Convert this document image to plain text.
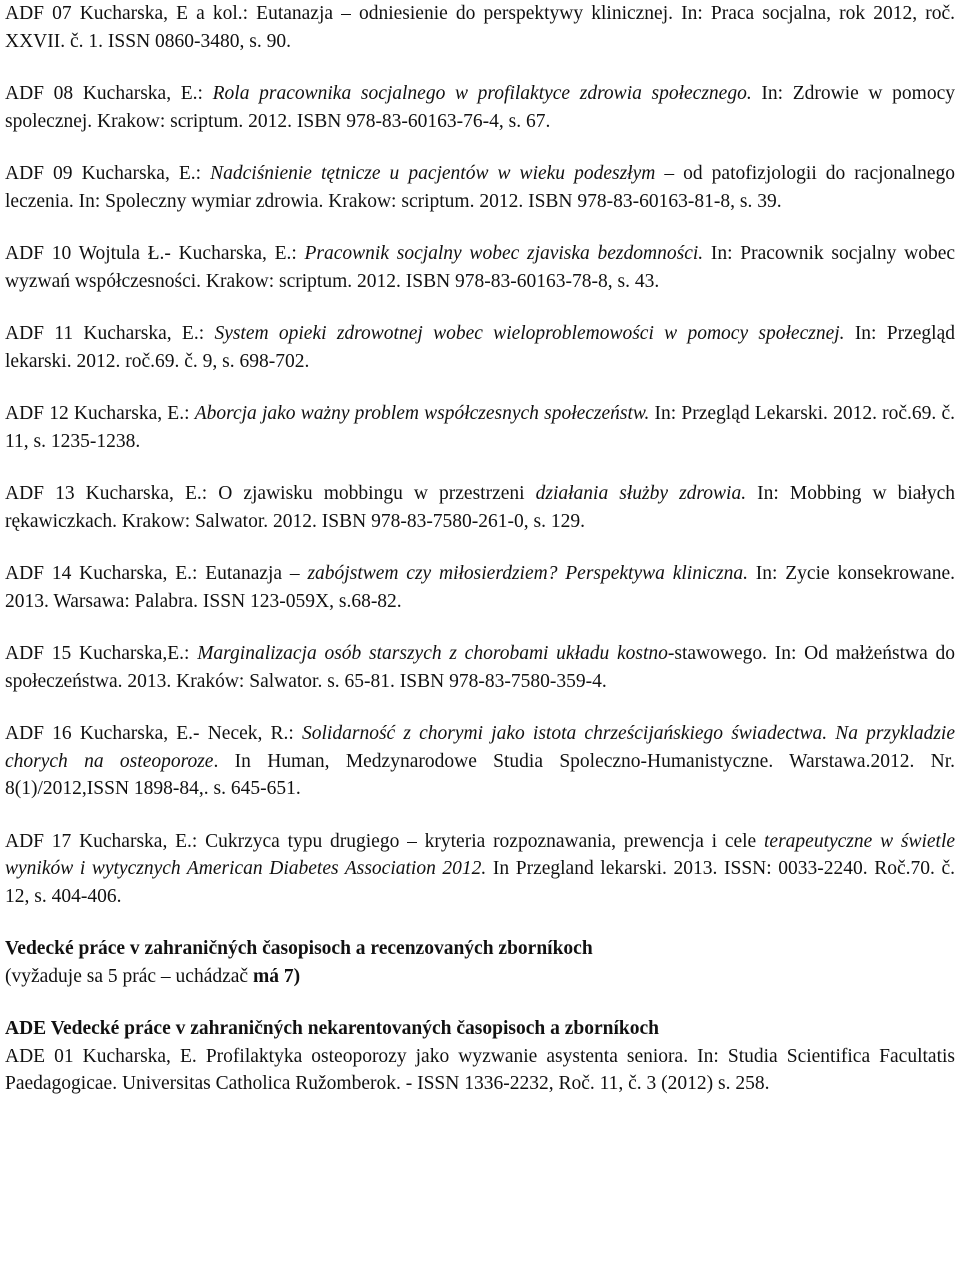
ADF 07 Kucharska, E a kol.: Eutanazja – odniesienie do perspektywy klinicznej. In: Praca socjalna, rok 2012, roč. XXVII. č. 1. ISSN 0860-3480, s. 90.

ADF 08 Kucharska, E.: Rola pracownika socjalnego w profilaktyce zdrowia społecznego. In: Zdrowie w pomocy spolecznej. Krakow: scriptum. 2012. ISBN 978-83-60163-76-4, s. 67.

ADF 09 Kucharska, E.: Nadciśnienie tętnicze u pacjentów w wieku podeszłym – od patofizjologii do racjonalnego leczenia. In: Spoleczny wymiar zdrowia. Krakow: scriptum. 2012. ISBN 978-83-60163-81-8, s. 39.

ADF 10 Wojtula Ł.- Kucharska, E.: Pracownik socjalny wobec zjaviska bezdomności. In: Pracownik socjalny wobec wyzwań współczesności. Krakow: scriptum. 2012. ISBN 978-83-60163-78-8, s. 43.

ADF 11 Kucharska, E.: System opieki zdrowotnej wobec wieloproblemowości w pomocy społecznej. In: Przegląd lekarski. 2012. roč.69. č. 9, s. 698-702.

ADF 12 Kucharska, E.: Aborcja jako ważny problem współczesnych społeczeństw. In: Przegląd Lekarski. 2012. roč.69. č. 11, s. 1235-1238.

ADF 13 Kucharska, E.: O zjawisku mobbingu w przestrzeni działania służby zdrowia. In: Mobbing w białych rękawiczkach. Krakow: Salwator. 2012. ISBN 978-83-7580-261-0, s. 129.

ADF 14 Kucharska, E.: Eutanazja – zabójstwem czy miłosierdziem? Perspektywa kliniczna. In: Zycie konsekrowane. 2013. Warsawa: Palabra. ISSN 123-059X, s.68-82.

ADF 15 Kucharska,E.: Marginalizacja osób starszych z chorobami układu kostno-stawowego. In: Od małżeństwa do społeczeństwa. 2013. Kraków: Salwator. s. 65-81. ISBN 978-83-7580-359-4.

ADF 16 Kucharska, E.- Necek, R.: Solidarność z chorymi jako istota chrześcijańskiego świadectwa. Na przykladzie chorych na osteoporoze. In Human, Medzynarodowe Studia Spoleczno-Humanistyczne. Warstawa.2012. Nr. 8(1)/2012,ISSN 1898-84,. s. 645-651.

ADF 17 Kucharska, E.: Cukrzyca typu drugiego – kryteria rozpoznawania, prewencja i cele terapeutyczne w świetle wyników i wytycznych American Diabetes Association 2012. In Przegland lekarski. 2013. ISSN: 0033-2240. Roč.70. č. 12, s. 404-406.

Vedecké práce v zahraničných časopisoch a recenzovaných zborníkoch
(vyžaduje sa 5 prác – uchádzač má 7)
ADE Vedecké práce v zahraničných nekarentovaných časopisoch a zborníkoch
ADE 01 Kucharska, E. Profilaktyka osteoporozy jako wyzwanie asystenta seniora. In: Studia Scientifica Facultatis Paedagogicae. Universitas Catholica Ružomberok. - ISSN 1336-2232, Roč. 11, č. 3 (2012) s. 258.
